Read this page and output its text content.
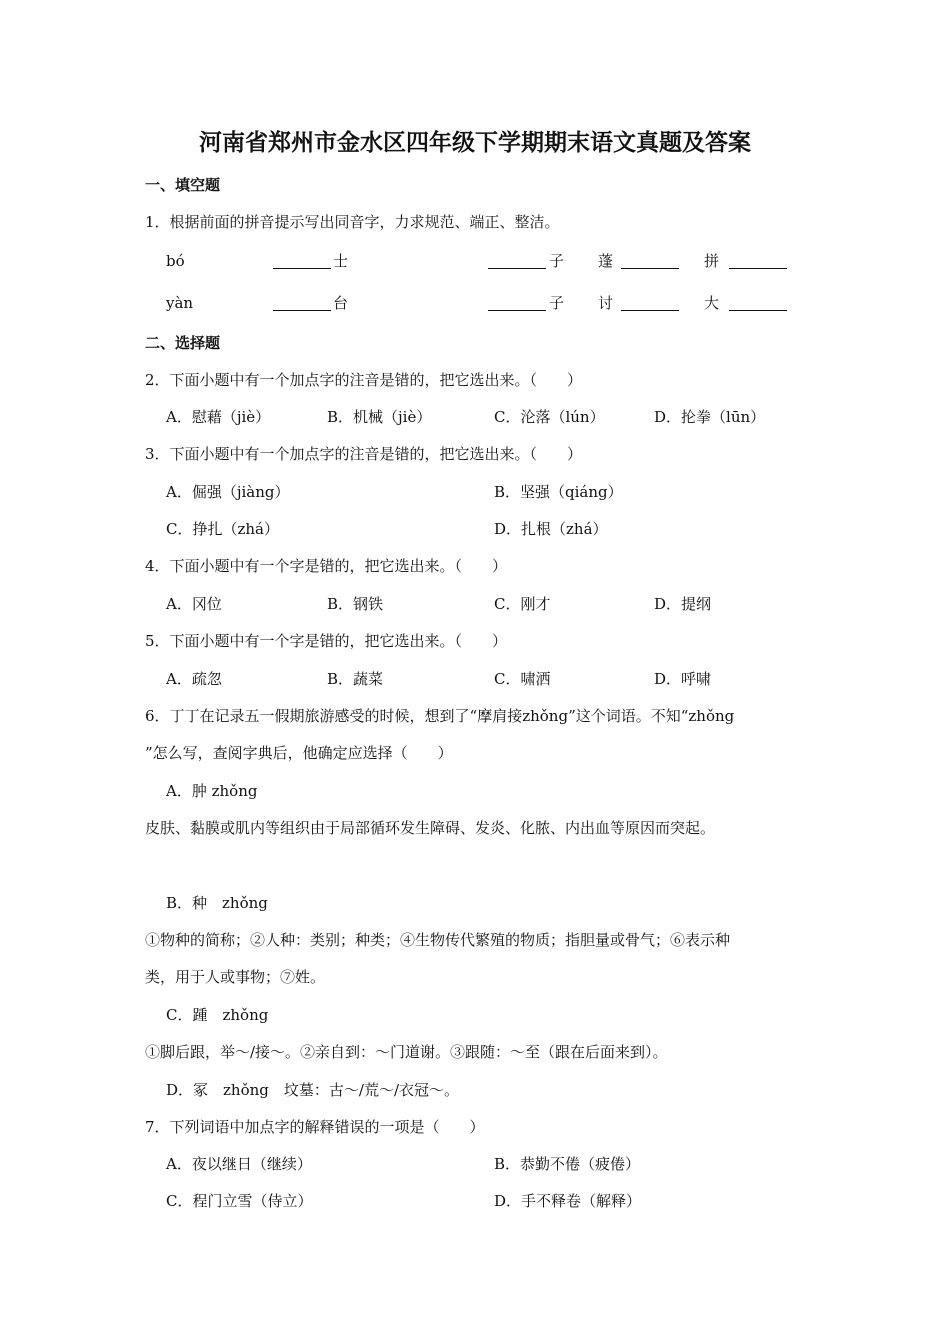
河南省郑州市金水区四年级下学期期末语文真题及答案
一、填空题
1．根据前面的拼音提示写出同音字，力求规范、端正、整洁。
bó	士	子 蓬	拼
yàn	台	子 讨	大
二、选择题
2．下面小题中有一个加点字的注音是错的，把它选出来。（　　）
A．慰藉（jiè）	B．机械（jiè）	C．沦落（lún）	D．抡拳（lūn）
3．下面小题中有一个加点字的注音是错的，把它选出来。（　　）
A．倔强（jiàng）	B．坚强（qiáng）
C．挣扎（zhá）	D．扎根（zhá）
4．下面小题中有一个字是错的，把它选出来。（　　）
A．冈位	B．钢铁	C．刚才	D．提纲
5．下面小题中有一个字是错的，把它选出来。（　　）
A．疏忽	B．蔬菜	C．啸洒	D．呼啸
6．丁丁在记录五一假期旅游感受的时候，想到了“摩肩接zhǒng”这个词语。不知“zhǒng
”怎么写，查阅字典后，他确定应选择（　　）
A．肿 zhǒng
皮肤、黏膜或肌内等组织由于局部循环发生障碍、发炎、化脓、内出血等原因而突起。
B．种　zhǒng
①物种的简称；②人种：类别；种类；④生物传代繁殖的物质；指胆量或骨气；⑥表示种
类，用于人或事物；⑦姓。
C．踵　zhǒng
①脚后跟，举～/接～。②亲自到：～门道谢。③跟随：～至（跟在后面来到）。
D．冢　zhǒng　坟墓：古～/荒～/衣冠～。
7．下列词语中加点字的解释错误的一项是（　　）
A．夜以继日（继续）	B．恭勤不倦（疲倦）
C．程门立雪（侍立）	D．手不释卷（解释）
